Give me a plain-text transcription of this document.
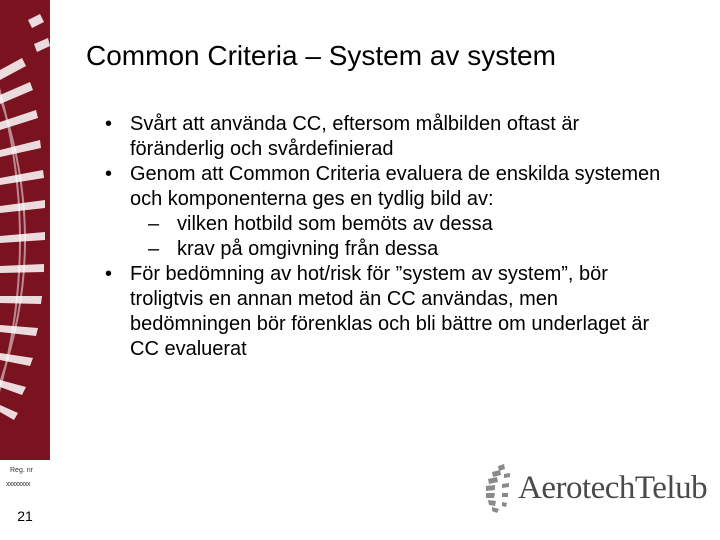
Reg. nr
xxxxxxxx
21
Common Criteria – System av system
• Svårt att använda CC, eftersom målbilden oftast är föränderlig och svårdefinierad
• Genom att Common Criteria evaluera de enskilda systemen och komponenterna ges en tydlig bild av:
– vilken hotbild som bemöts av dessa
– krav på omgivning från dessa
• För bedömning av hot/risk för ”system av system”, bör troligtvis en annan metod än CC användas, men bedömningen bör förenklas och bli bättre om underlaget är CC evaluerat
AerotechTelub
